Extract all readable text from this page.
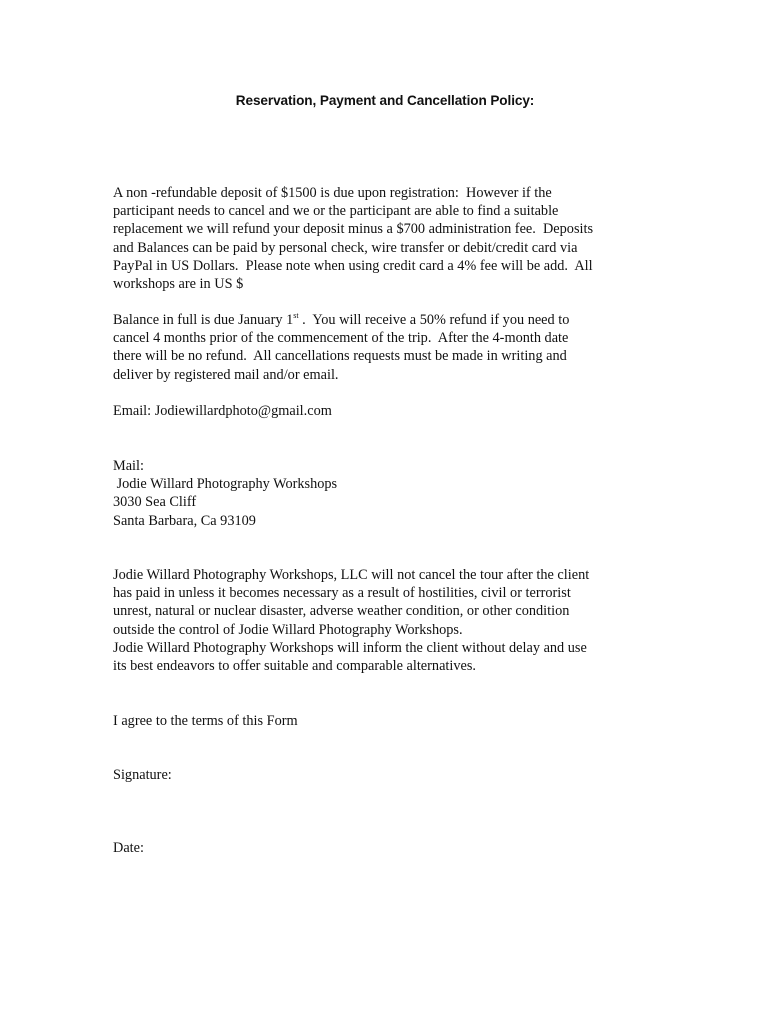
Reservation, Payment and Cancellation Policy:
A non -refundable deposit of $1500 is due upon registration:  However if the
participant needs to cancel and we or the participant are able to find a suitable
replacement we will refund your deposit minus a $700 administration fee.  Deposits
and Balances can be paid by personal check, wire transfer or debit/credit card via
PayPal in US Dollars.  Please note when using credit card a 4% fee will be add.  All
workshops are in US $
Balance in full is due January 1st .  You will receive a 50% refund if you need to
cancel 4 months prior of the commencement of the trip.  After the 4-month date
there will be no refund.  All cancellations requests must be made in writing and
deliver by registered mail and/or email.
Email: Jodiewillardphoto@gmail.com
Mail:
Jodie Willard Photography Workshops
3030 Sea Cliff
Santa Barbara, Ca 93109
Jodie Willard Photography Workshops, LLC will not cancel the tour after the client
has paid in unless it becomes necessary as a result of hostilities, civil or terrorist
unrest, natural or nuclear disaster, adverse weather condition, or other condition
outside the control of Jodie Willard Photography Workshops.
Jodie Willard Photography Workshops will inform the client without delay and use
its best endeavors to offer suitable and comparable alternatives.
I agree to the terms of this Form
Signature:
Date:
